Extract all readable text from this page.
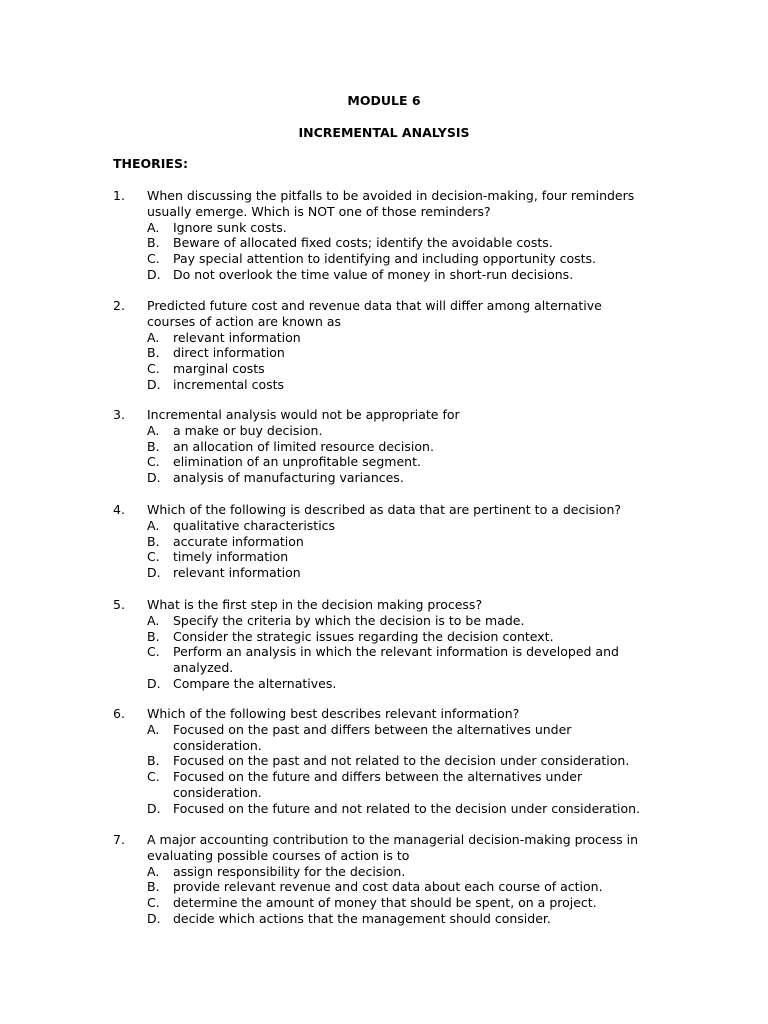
MODULE 6
INCREMENTAL ANALYSIS
THEORIES:
1. When discussing the pitfalls to be avoided in decision-making, four reminders usually emerge. Which is NOT one of those reminders?
A. Ignore sunk costs.
B. Beware of allocated fixed costs; identify the avoidable costs.
C. Pay special attention to identifying and including opportunity costs.
D. Do not overlook the time value of money in short-run decisions.
2. Predicted future cost and revenue data that will differ among alternative courses of action are known as
A. relevant information
B. direct information
C. marginal costs
D. incremental costs
3. Incremental analysis would not be appropriate for
A. a make or buy decision.
B. an allocation of limited resource decision.
C. elimination of an unprofitable segment.
D. analysis of manufacturing variances.
4. Which of the following is described as data that are pertinent to a decision?
A. qualitative characteristics
B. accurate information
C. timely information
D. relevant information
5. What is the first step in the decision making process?
A. Specify the criteria by which the decision is to be made.
B. Consider the strategic issues regarding the decision context.
C. Perform an analysis in which the relevant information is developed and analyzed.
D. Compare the alternatives.
6. Which of the following best describes relevant information?
A. Focused on the past and differs between the alternatives under consideration.
B. Focused on the past and not related to the decision under consideration.
C. Focused on the future and differs between the alternatives under consideration.
D. Focused on the future and not related to the decision under consideration.
7. A major accounting contribution to the managerial decision-making process in evaluating possible courses of action is to
A. assign responsibility for the decision.
B. provide relevant revenue and cost data about each course of action.
C. determine the amount of money that should be spent, on a project.
D. decide which actions that the management should consider.
